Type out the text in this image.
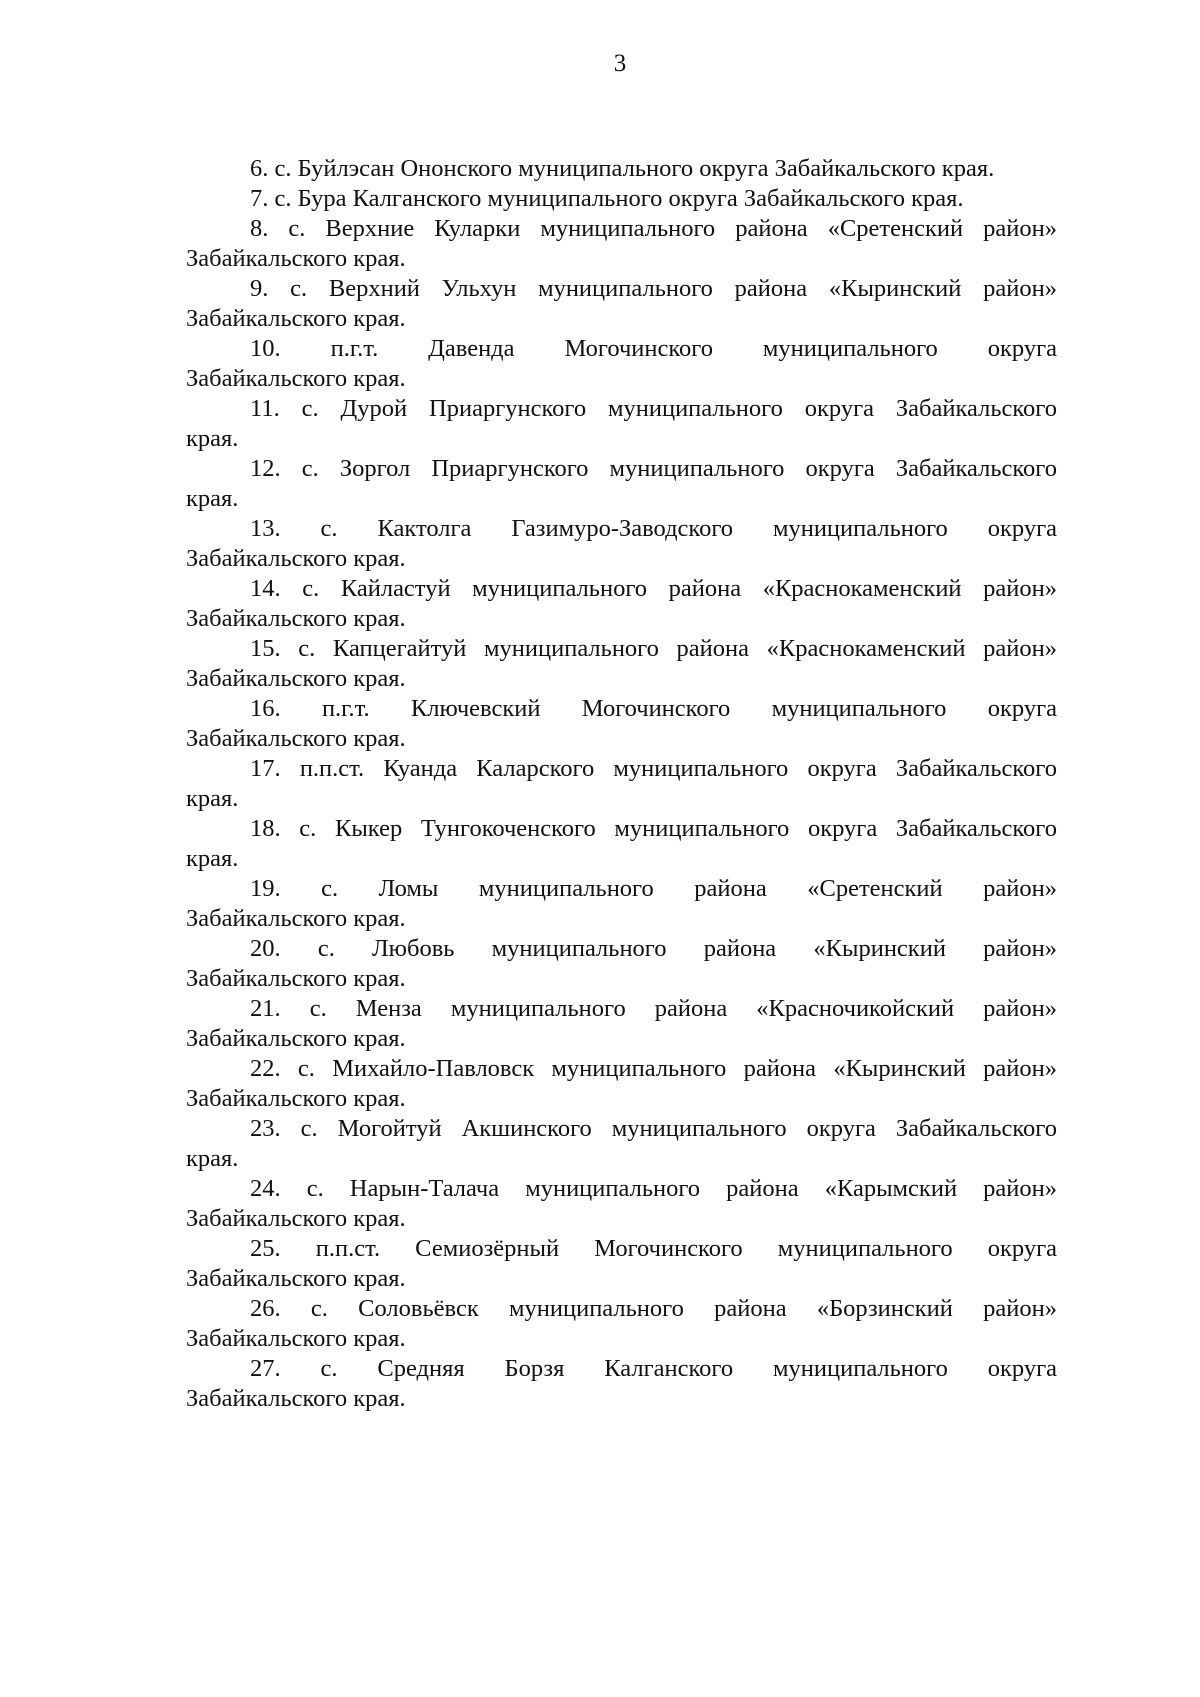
3
6. с. Буйлэсан Ононского муниципального округа Забайкальского края.
7. с. Бура Калганского муниципального округа Забайкальского края.
8. с. Верхние Куларки муниципального района «Сретенский район»
Забайкальского края.
9. с. Верхний Ульхун муниципального района «Кыринский район»
Забайкальского края.
10. п.г.т. Давенда Могочинского муниципального округа
Забайкальского края.
11. с. Дурой Приаргунского муниципального округа Забайкальского
края.
12. с. Зоргол Приаргунского муниципального округа Забайкальского
края.
13. с. Кактолга Газимуро-Заводского муниципального округа
Забайкальского края.
14. с. Кайластуй муниципального района «Краснокаменский район»
Забайкальского края.
15. с. Капцегайтуй муниципального района «Краснокаменский район»
Забайкальского края.
16. п.г.т. Ключевский Могочинского муниципального округа
Забайкальского края.
17. п.п.ст. Куанда Каларского муниципального округа Забайкальского
края.
18. с. Кыкер Тунгокоченского муниципального округа Забайкальского
края.
19. с. Ломы муниципального района «Сретенский район»
Забайкальского края.
20. с. Любовь муниципального района «Кыринский район»
Забайкальского края.
21. с. Менза муниципального района «Красночикойский район»
Забайкальского края.
22. с. Михайло-Павловск муниципального района «Кыринский район»
Забайкальского края.
23. с. Могойтуй Акшинского муниципального округа Забайкальского
края.
24. с. Нарын-Талача муниципального района «Карымский район»
Забайкальского края.
25. п.п.ст. Семиозёрный Могочинского муниципального округа
Забайкальского края.
26. с. Соловьёвск муниципального района «Борзинский район»
Забайкальского края.
27. с. Средняя Борзя Калганского муниципального округа
Забайкальского края.
